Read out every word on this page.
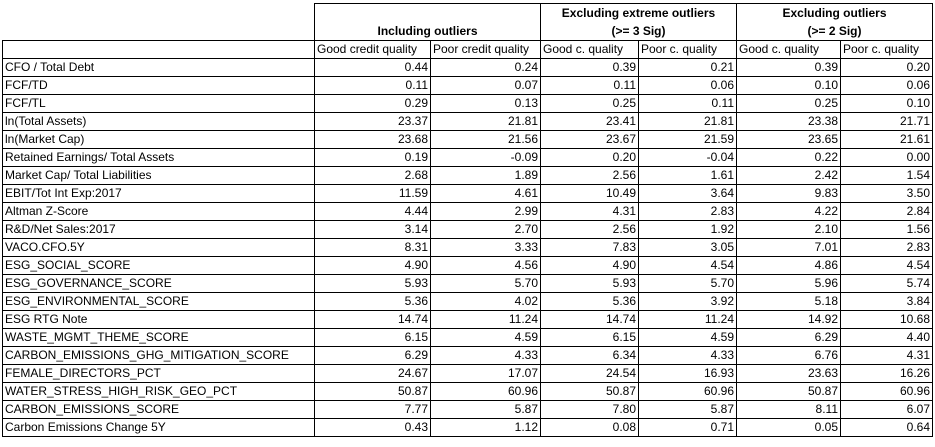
			Excluding extreme outliers		Excluding outliers	
	Including outliers		(>= 3 Sig)		(>= 2 Sig)	
	Good credit quality	Poor credit quality	Good c. quality	Poor c. quality	Good c. quality	Poor c. quality
CFO / Total Debt	0.44	0.24	0.39	0.21	0.39	0.20
FCF/TD	0.11	0.07	0.11	0.06	0.10	0.06
FCF/TL	0.29	0.13	0.25	0.11	0.25	0.10
ln(Total Assets)	23.37	21.81	23.41	21.81	23.38	21.71
ln(Market Cap)	23.68	21.56	23.67	21.59	23.65	21.61
Retained Earnings/ Total Assets	0.19	-0.09	0.20	-0.04	0.22	0.00
Market Cap/ Total Liabilities	2.68	1.89	2.56	1.61	2.42	1.54
EBIT/Tot Int Exp:2017	11.59	4.61	10.49	3.64	9.83	3.50
Altman Z-Score	4.44	2.99	4.31	2.83	4.22	2.84
R&D/Net Sales:2017	3.14	2.70	2.56	1.92	2.10	1.56
VACO.CFO.5Y	8.31	3.33	7.83	3.05	7.01	2.83
ESG_SOCIAL_SCORE	4.90	4.56	4.90	4.54	4.86	4.54
ESG_GOVERNANCE_SCORE	5.93	5.70	5.93	5.70	5.96	5.74
ESG_ENVIRONMENTAL_SCORE	5.36	4.02	5.36	3.92	5.18	3.84
ESG RTG Note	14.74	11.24	14.74	11.24	14.92	10.68
WASTE_MGMT_THEME_SCORE	6.15	4.59	6.15	4.59	6.29	4.40
CARBON_EMISSIONS_GHG_MITIGATION_SCORE	6.29	4.33	6.34	4.33	6.76	4.31
FEMALE_DIRECTORS_PCT	24.67	17.07	24.54	16.93	23.63	16.26
WATER_STRESS_HIGH_RISK_GEO_PCT	50.87	60.96	50.87	60.96	50.87	60.96
CARBON_EMISSIONS_SCORE	7.77	5.87	7.80	5.87	8.11	6.07
Carbon Emissions Change 5Y	0.43	1.12	0.08	0.71	0.05	0.64
